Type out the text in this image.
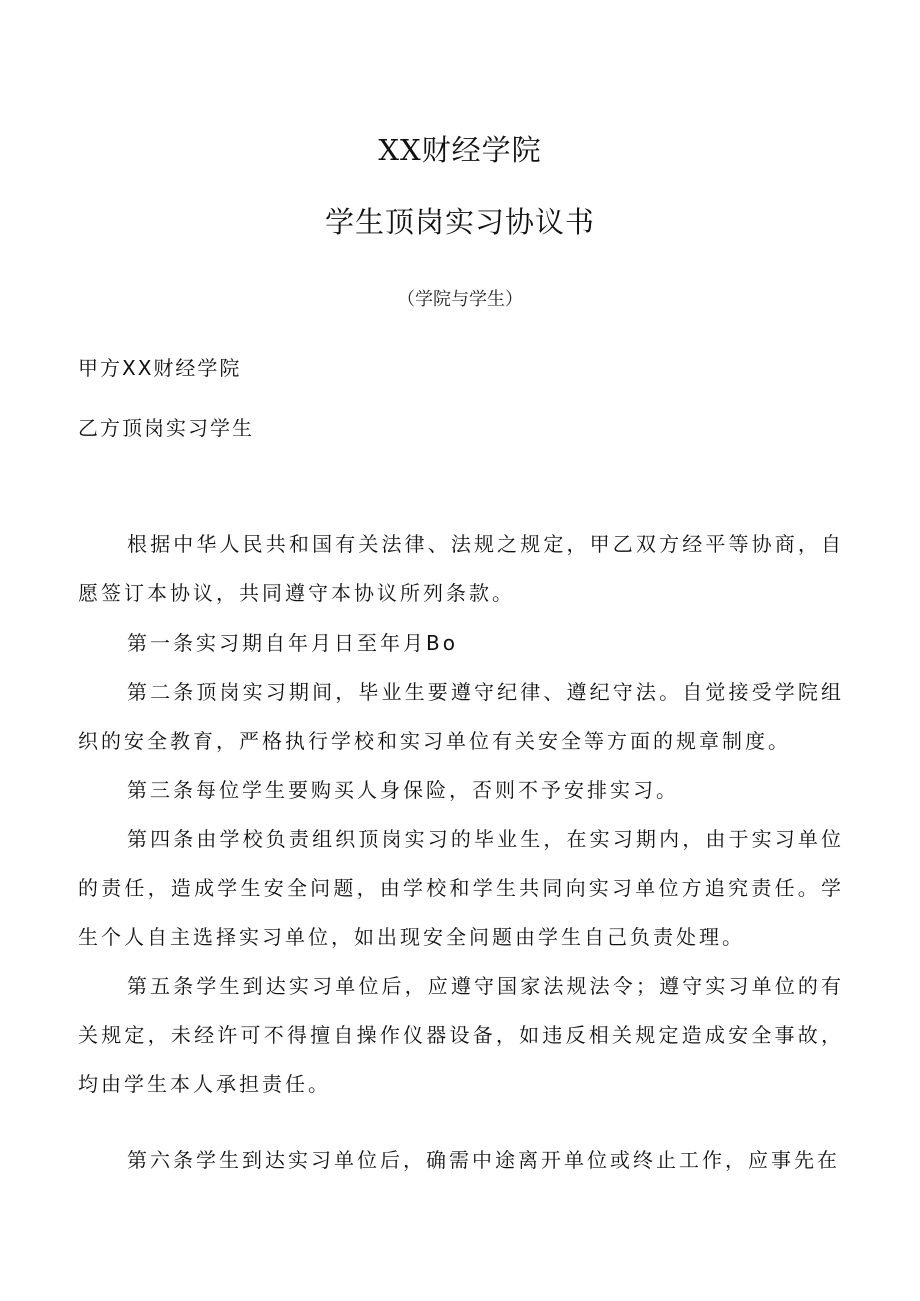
XX财经学院
学生顶岗实习协议书
（学院与学生）
甲方XX财经学院
乙方顶岗实习学生

根据中华人民共和国有关法律、法规之规定，甲乙双方经平等协商，自愿签订本协议，共同遵守本协议所列条款。

第一条实习期自年月日至年月Bo

第二条顶岗实习期间，毕业生要遵守纪律、遵纪守法。自觉接受学院组织的安全教育，严格执行学校和实习单位有关安全等方面的规章制度。

第三条每位学生要购买人身保险，否则不予安排实习。

第四条由学校负责组织顶岗实习的毕业生，在实习期内，由于实习单位的责任，造成学生安全问题，由学校和学生共同向实习单位方追究责任。学生个人自主选择实习单位，如出现安全问题由学生自己负责处理。

第五条学生到达实习单位后，应遵守国家法规法令；遵守实习单位的有关规定，未经许可不得擅自操作仪器设备，如违反相关规定造成安全事故，均由学生本人承担责任。

第六条学生到达实习单位后，确需中途离开单位或终止工作，应事先在
